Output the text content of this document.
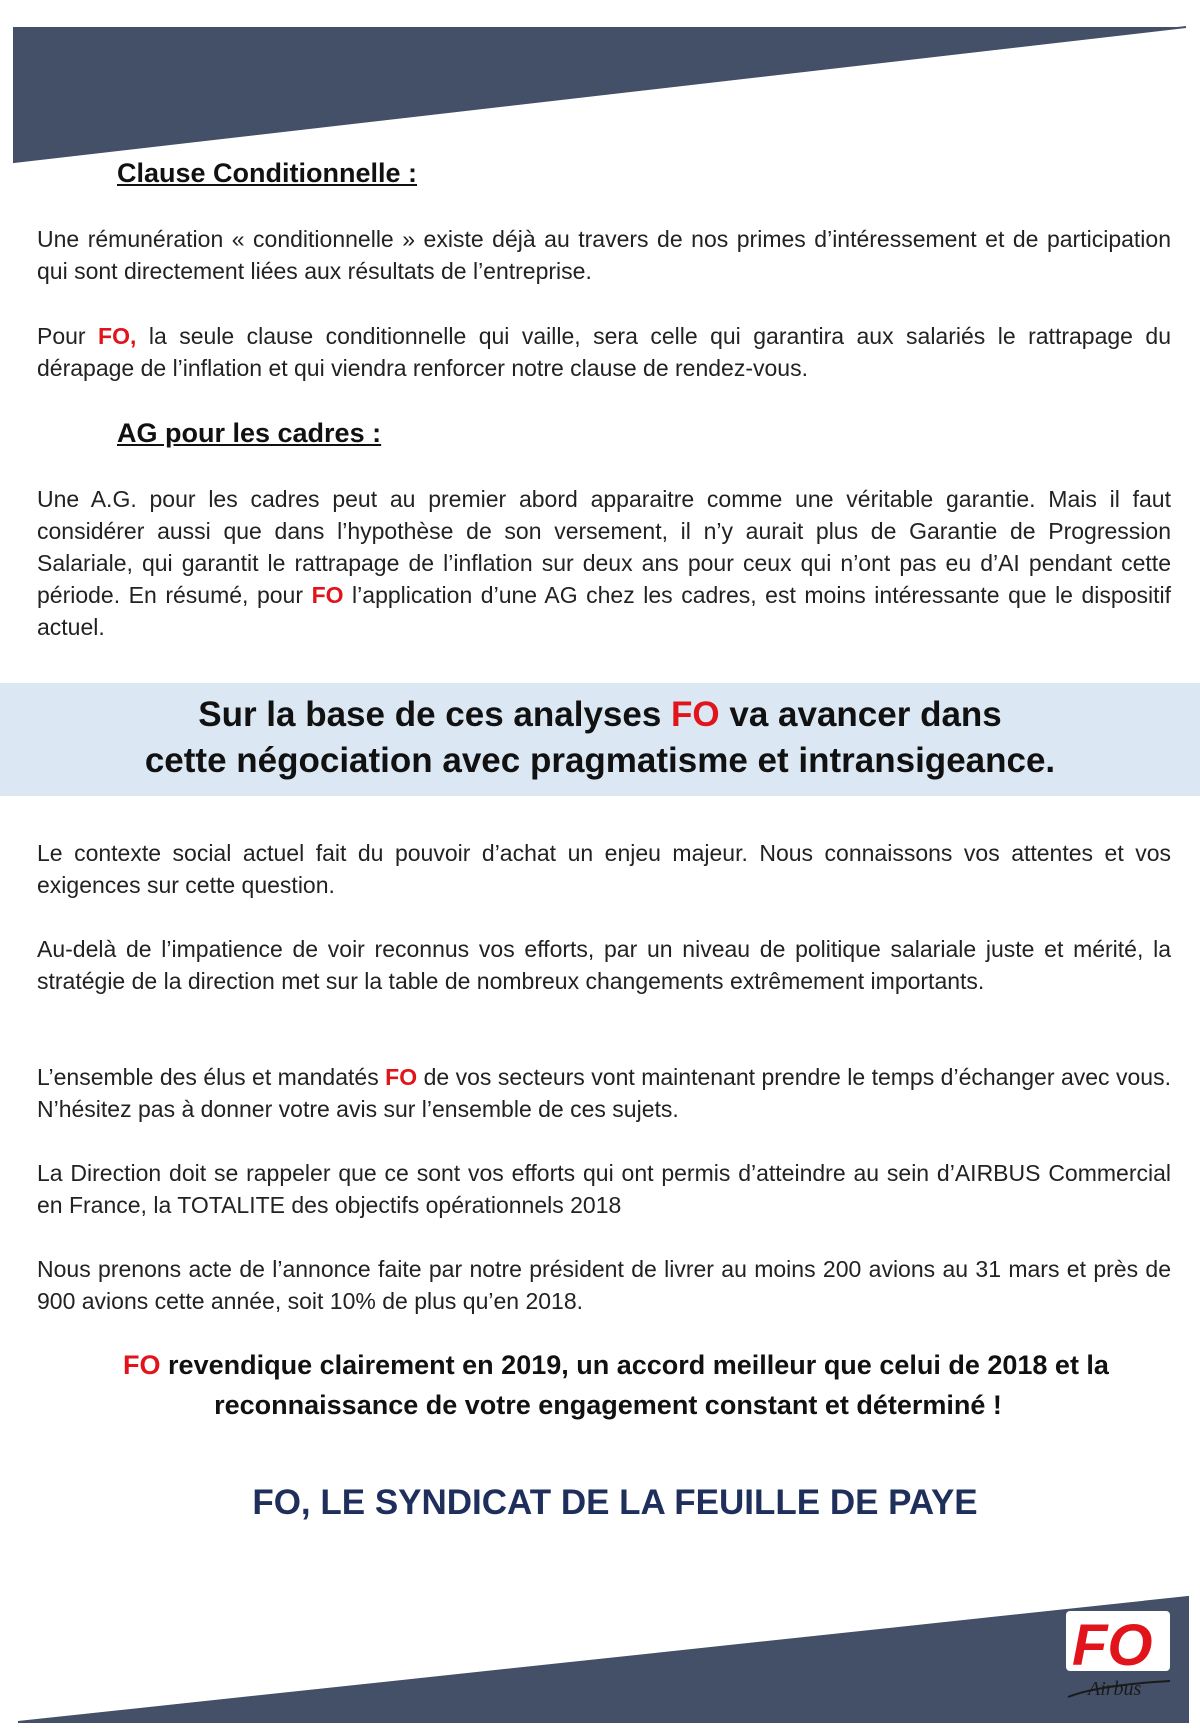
Clause Conditionnelle :

Une rémunération « conditionnelle » existe déjà au travers de nos primes d’intéressement et de participation qui sont directement liées aux résultats de l’entreprise.

Pour FO, la seule clause conditionnelle qui vaille, sera celle qui garantira aux salariés le rattrapage du dérapage de l’inflation et qui viendra renforcer notre clause de rendez-vous.

AG pour les cadres :

Une A.G. pour les cadres peut au premier abord apparaitre comme une véritable garantie. Mais il faut considérer aussi que dans l’hypothèse de son versement, il n’y aurait plus de Garantie de Progression Salariale, qui garantit le rattrapage de l’inflation sur deux ans pour ceux qui n’ont pas eu d’AI pendant cette période. En résumé, pour FO l’application d’une AG chez les cadres, est moins intéressante que le dispositif actuel.

Sur la base de ces analyses FO va avancer dans

cette négociation avec pragmatisme et intransigeance.

Le contexte social actuel fait du pouvoir d’achat un enjeu majeur. Nous connaissons vos attentes et vos exigences sur cette question.

Au-delà de l’impatience de voir reconnus vos efforts, par un niveau de politique salariale juste et mérité, la stratégie de la direction met sur la table de nombreux changements extrêmement importants.

L’ensemble des élus et mandatés FO de vos secteurs vont maintenant prendre le temps d’échanger avec vous. N’hésitez pas à donner votre avis sur l’ensemble de ces sujets.

La Direction doit se rappeler que ce sont vos efforts qui ont permis d’atteindre au sein d’AIRBUS Commercial en France, la TOTALITE des objectifs opérationnels 2018

Nous prenons acte de l’annonce faite par notre président de livrer au moins 200 avions au 31 mars et près de 900 avions cette année, soit 10% de plus qu’en 2018.

FO revendique clairement en 2019, un accord meilleur que celui de 2018 et la

reconnaissance de votre engagement constant et déterminé !

FO, LE SYNDICAT DE LA FEUILLE DE PAYE
FO
Airbus
